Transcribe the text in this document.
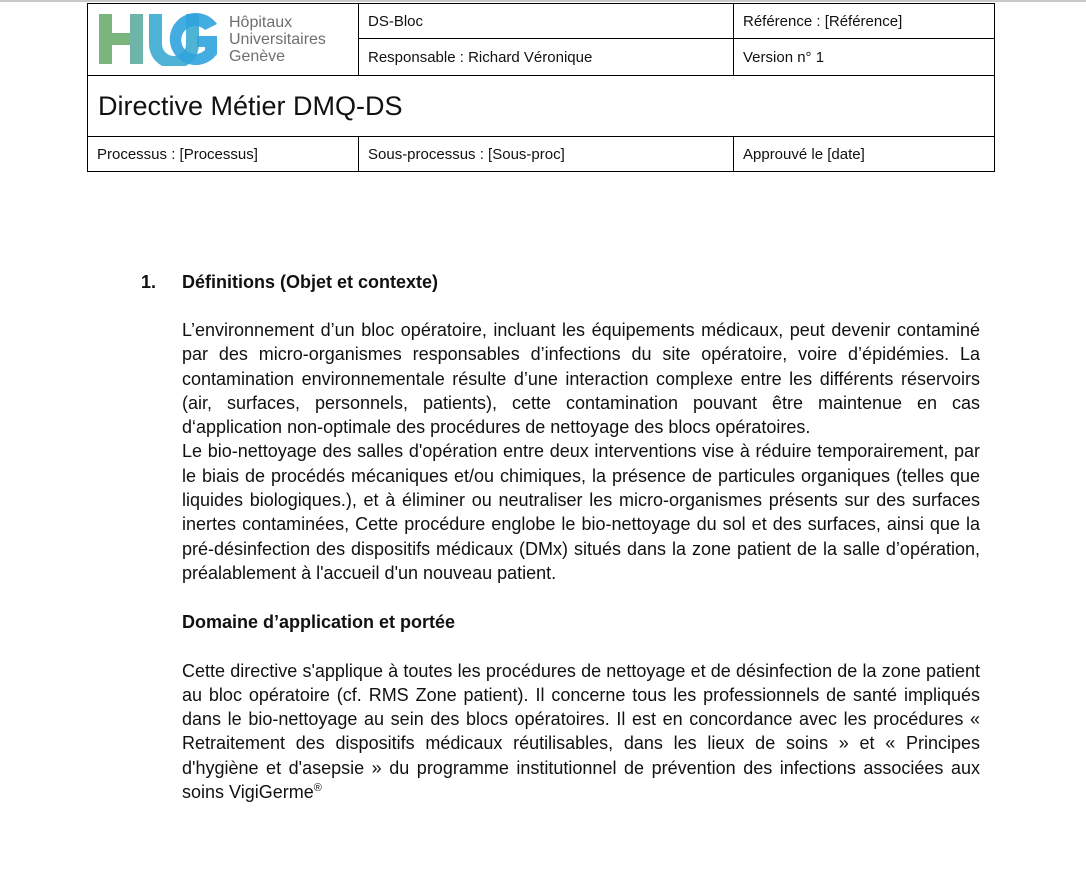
Hôpitaux
Universitaires
Genève	DS-Bloc	Référence : [Référence]
	Responsable : Richard Véronique	Version n° 1
Directive Métier DMQ-DS		
Processus : [Processus]	Sous-processus : [Sous-proc]	Approuvé le [date]
1.	Définitions (Objet et contexte)

L’environnement d’un bloc opératoire, incluant les équipements médicaux, peut devenir contaminé par des micro-organismes responsables d’infections du site opératoire, voire d’épidémies. La contamination environnementale résulte d’une interaction complexe entre les différents réservoirs (air, surfaces, personnels, patients), cette contamination pouvant être maintenue en cas d‘application non-optimale des procédures de nettoyage des blocs opératoires.

Le bio-nettoyage des salles d'opération entre deux interventions vise à réduire temporairement, par le biais de procédés mécaniques et/ou chimiques, la présence de particules organiques (telles que liquides biologiques.), et à éliminer ou neutraliser les micro-organismes présents sur des surfaces inertes contaminées, Cette procédure englobe le bio-nettoyage du sol et des surfaces, ainsi que la pré-désinfection des dispositifs médicaux (DMx) situés dans la zone patient de la salle d’opération, préalablement à l'accueil d'un nouveau patient.

Domaine d’application et portée

Cette directive s'applique à toutes les procédures de nettoyage et de désinfection de la zone patient au bloc opératoire (cf. RMS Zone patient). Il concerne tous les professionnels de santé impliqués dans le bio-nettoyage au sein des blocs opératoires. Il est en concordance avec les procédures « Retraitement des dispositifs médicaux réutilisables, dans les lieux de soins » et « Principes d'hygiène et d'asepsie » du programme institutionnel de prévention des infections associées aux soins VigiGerme®
